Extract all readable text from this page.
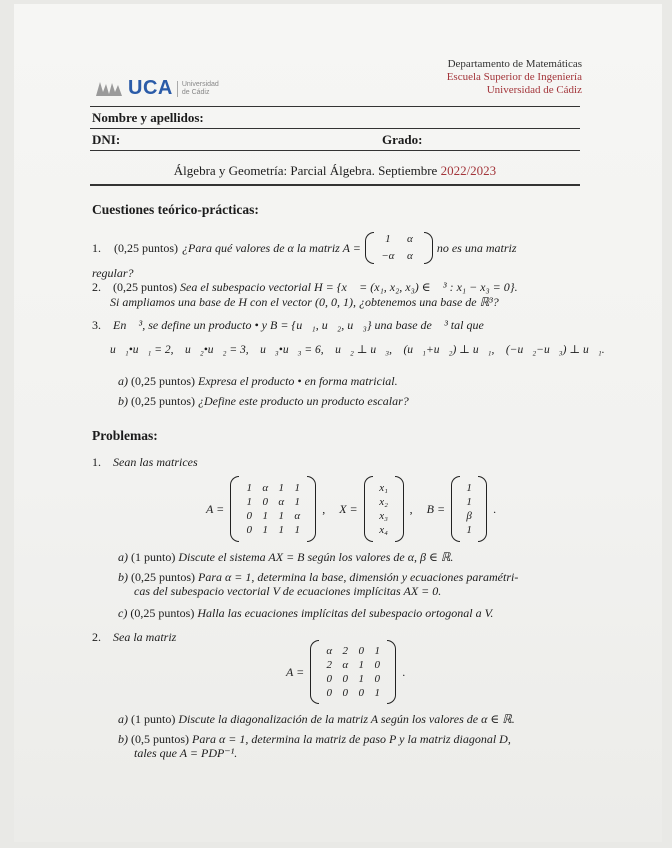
UCA Universidad
de Cádiz
Departamento de Matemáticas
Escuela Superior de Ingeniería
Universidad de Cádiz
Nombre y apellidos:
DNI:	Grado:
Álgebra y Geometría: Parcial Álgebra. Septiembre 2022/2023
Cuestiones teórico-prácticas:
1.	(0,25 puntos) ¿Para qué valores de α la matriz A =
1	α
−α	α
no es una matriz
regular?
2. (0,25 puntos) Sea el subespacio vectorial H = {x⃗ = (x₁, x₂, x₃) ∈ ℝ³ : x₁ − x₃ = 0}.
Si ampliamos una base de H con el vector (0, 0, 1), ¿obtenemos una base de ℝ³?
3. En ℝ³, se define un producto • y B = {u⃗₁, u⃗₂, u⃗₃} una base de ℝ³ tal que
u⃗₁•u⃗₁ = 2,    u⃗₂•u⃗₂ = 3,    u⃗₃•u⃗₃ = 6,    u⃗₂ ⊥ u⃗₃,    (u⃗₁+u⃗₂) ⊥ u⃗₁,    (−u⃗₂−u⃗₃) ⊥ u⃗₁.
a) (0,25 puntos) Expresa el producto • en forma matricial.
b) (0,25 puntos) ¿Define este producto un producto escalar?
Problemas:
1. Sean las matrices
A =
1 α 1 1
1 0 α 1
0 1 1 α
0 1 1 1
, X =
x₁
x₂
x₃
x₄
, B =
1
1
β
1
.
a) (1 punto) Discute el sistema AX = B según los valores de α, β ∈ ℝ.
b) (0,25 puntos) Para α = 1, determina la base, dimensión y ecuaciones paramétri-
cas del subespacio vectorial V de ecuaciones implícitas AX = 0.
c) (0,25 puntos) Halla las ecuaciones implícitas del subespacio ortogonal a V.
2. Sea la matriz
A =
α 2 0 1
2 α 1 0
0 0 1 0
0 0 0 1
.
a) (1 punto) Discute la diagonalización de la matriz A según los valores de α ∈ ℝ.
b) (0,5 puntos) Para α = 1, determina la matriz de paso P y la matriz diagonal D,
tales que A = PDP⁻¹.
